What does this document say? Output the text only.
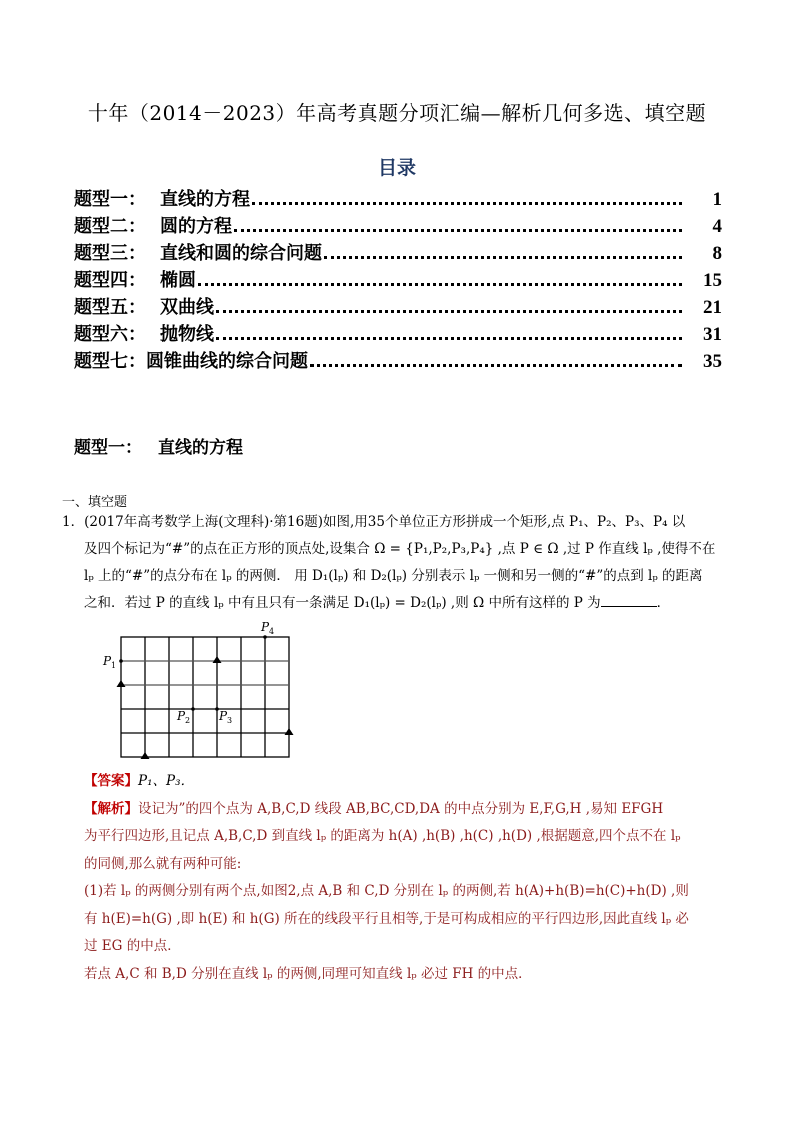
十年（2014－2023）年高考真题分项汇编—解析几何多选、填空题
目录
题型一： 直线的方程	1
题型二： 圆的方程	4
题型三： 直线和圆的综合问题	8
题型四： 椭圆	15
题型五： 双曲线	21
题型六： 抛物线	31
题型七： 圆锥曲线的综合问题	35
题型一： 直线的方程
一、填空题
1．(2017年高考数学上海(文理科)·第16题)如图,用35个单位正方形拼成一个矩形,点 P₁、P₂、P₃、P₄ 以
及四个标记为“#”的点在正方形的顶点处,设集合 Ω = {P₁,P₂,P₃,P₄} ,点 P ∈ Ω ,过 P 作直线 lₚ ,使得不在
lₚ 上的“#”的点分布在 lₚ 的两侧． 用 D₁(lₚ) 和 D₂(lₚ) 分别表示 lₚ 一侧和另一侧的“#”的点到 lₚ 的距离
之和．若过 P 的直线 lₚ 中有且只有一条满足 D₁(lₚ) = D₂(lₚ) ,则 Ω 中所有这样的 P 为	．
P 1
P 2 P 3
P 4
【答案】P₁、P₃．
【解析】设记为”的四个点为 A,B,C,D 线段 AB,BC,CD,DA 的中点分别为 E,F,G,H ,易知 EFGH
为平行四边形,且记点 A,B,C,D 到直线 lₚ 的距离为 h(A) ,h(B) ,h(C) ,h(D) ,根据题意,四个点不在 lₚ
的同侧,那么就有两种可能:
(1)若 lₚ 的两侧分别有两个点,如图2,点 A,B 和 C,D 分别在 lₚ 的两侧,若 h(A)+h(B)=h(C)+h(D) ,则
有 h(E)=h(G) ,即 h(E) 和 h(G) 所在的线段平行且相等,于是可构成相应的平行四边形,因此直线 lₚ 必
过 EG 的中点．
若点 A,C 和 B,D 分别在直线 lₚ 的两侧,同理可知直线 lₚ 必过 FH 的中点．
